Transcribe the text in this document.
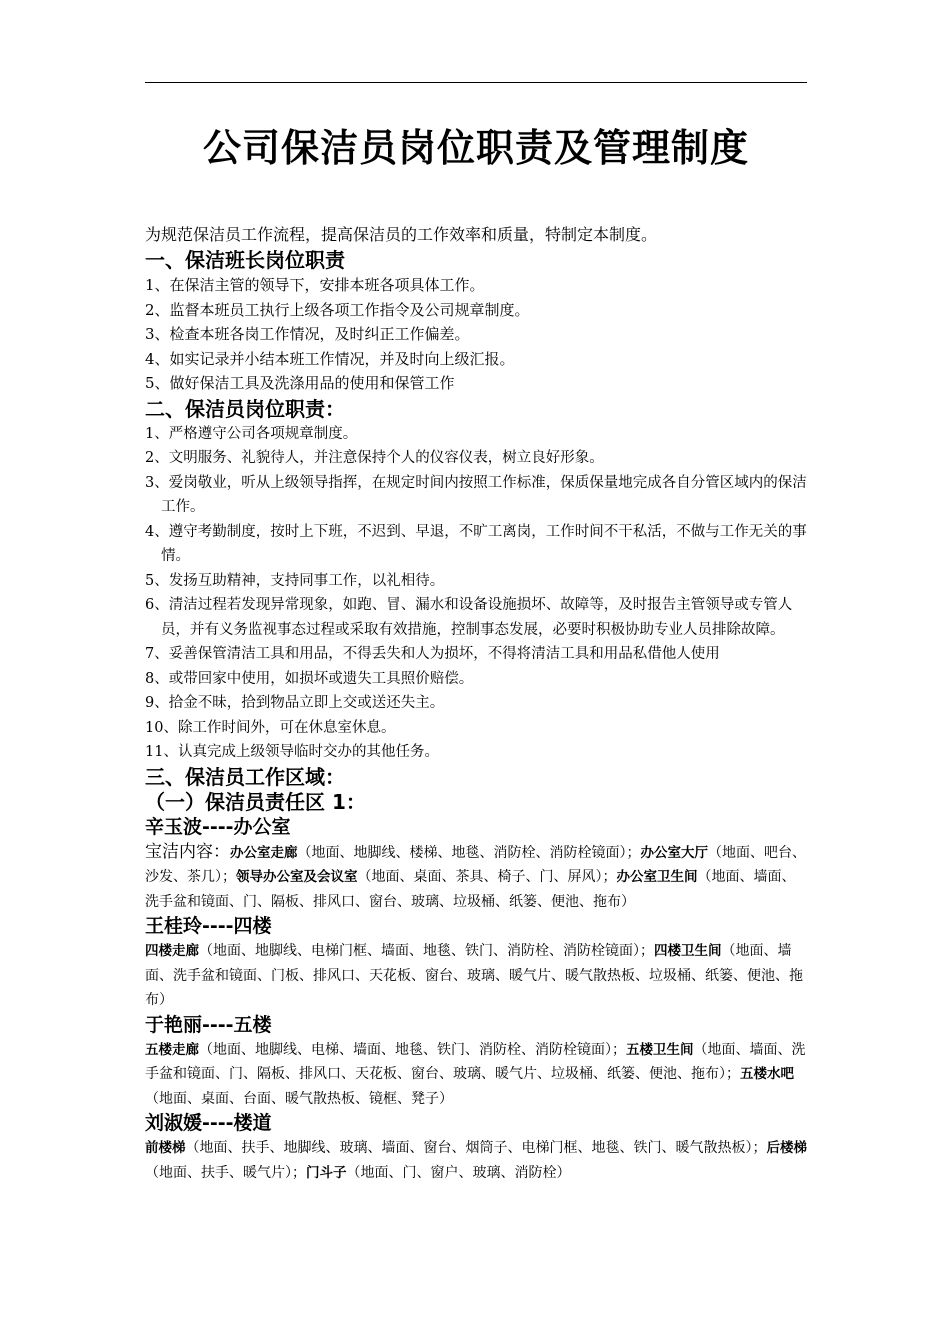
公司保洁员岗位职责及管理制度

为规范保洁员工作流程，提高保洁员的工作效率和质量，特制定本制度。

一、保洁班长岗位职责
1、在保洁主管的领导下，安排本班各项具体工作。
2、监督本班员工执行上级各项工作指令及公司规章制度。
3、检查本班各岗工作情况，及时纠正工作偏差。
4、如实记录并小结本班工作情况，并及时向上级汇报。
5、做好保洁工具及洗涤用品的使用和保管工作
二、保洁员岗位职责：
1、严格遵守公司各项规章制度。
2、文明服务、礼貌待人，并注意保持个人的仪容仪表，树立良好形象。
3、爱岗敬业，听从上级领导指挥，在规定时间内按照工作标准，保质保量地完成各自分管区域内的保洁工作。
4、遵守考勤制度，按时上下班，不迟到、早退，不旷工离岗，工作时间不干私活，不做与工作无关的事情。
5、发扬互助精神，支持同事工作，以礼相待。
6、清洁过程若发现异常现象，如跑、冒、漏水和设备设施损坏、故障等，及时报告主管领导或专管人员，并有义务监视事态过程或采取有效措施，控制事态发展，必要时积极协助专业人员排除故障。
7、妥善保管清洁工具和用品，不得丢失和人为损坏，不得将清洁工具和用品私借他人使用
8、或带回家中使用，如损坏或遗失工具照价赔偿。
9、拾金不昧，拾到物品立即上交或送还失主。
10、除工作时间外，可在休息室休息。
11、认真完成上级领导临时交办的其他任务。
三、保洁员工作区域：
（一）保洁员责任区 1：
辛玉波----办公室

宝洁内容：办公室走廊（地面、地脚线、楼梯、地毯、消防栓、消防栓镜面）；办公室大厅（地面、吧台、沙发、茶几）；领导办公室及会议室（地面、桌面、茶具、椅子、门、屏风）；办公室卫生间（地面、墙面、洗手盆和镜面、门、隔板、排风口、窗台、玻璃、垃圾桶、纸篓、便池、拖布）

王桂玲----四楼

四楼走廊（地面、地脚线、电梯门框、墙面、地毯、铁门、消防栓、消防栓镜面）；四楼卫生间（地面、墙面、洗手盆和镜面、门板、排风口、天花板、窗台、玻璃、暖气片、暖气散热板、垃圾桶、纸篓、便池、拖布）

于艳丽----五楼

五楼走廊（地面、地脚线、电梯、墙面、地毯、铁门、消防栓、消防栓镜面）；五楼卫生间（地面、墙面、洗手盆和镜面、门、隔板、排风口、天花板、窗台、玻璃、暖气片、垃圾桶、纸篓、便池、拖布）；五楼水吧（地面、桌面、台面、暖气散热板、镜框、凳子）

刘淑媛----楼道

前楼梯（地面、扶手、地脚线、玻璃、墙面、窗台、烟筒子、电梯门框、地毯、铁门、暖气散热板）；后楼梯（地面、扶手、暖气片）；门斗子（地面、门、窗户、玻璃、消防栓）
